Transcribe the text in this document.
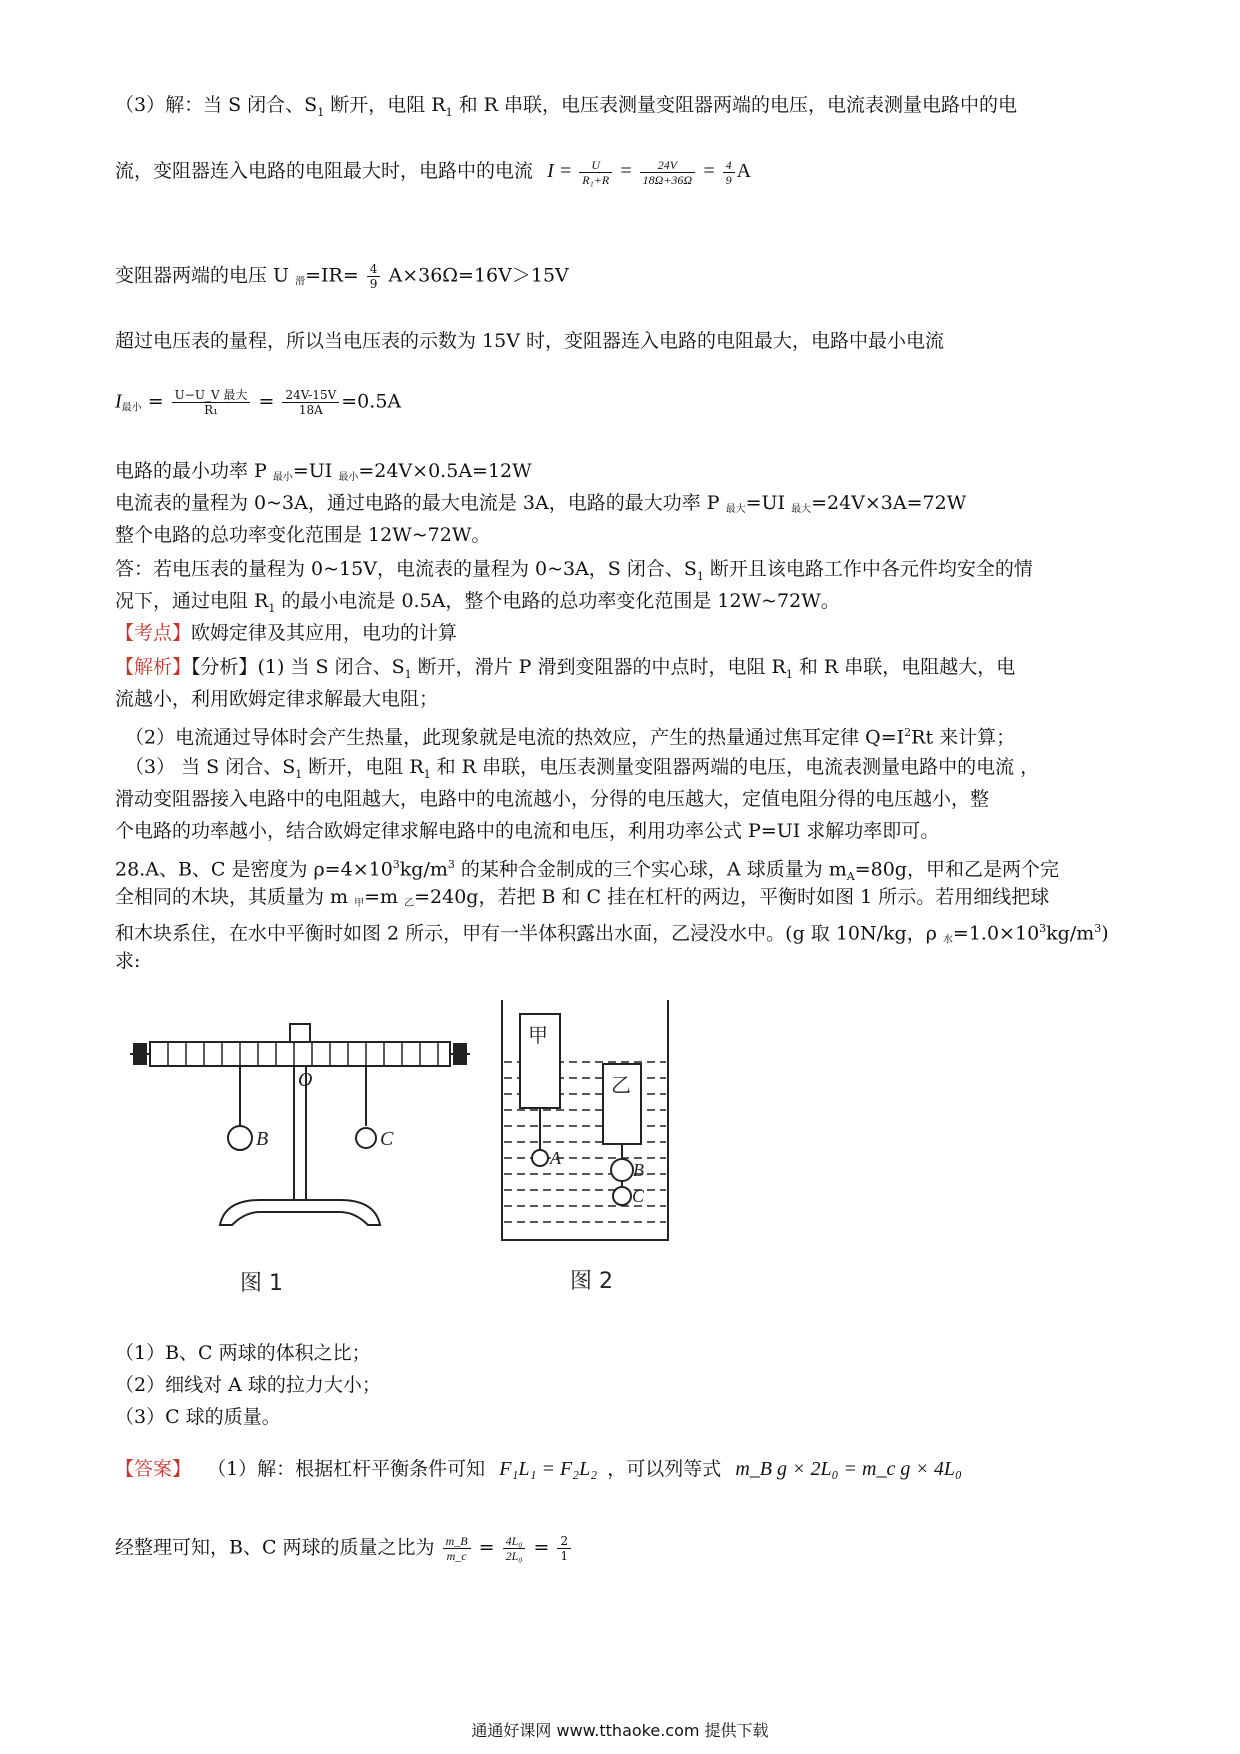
（3）解：当 S 闭合、$S_1$ 断开，电阻 $R_1$ 和 R 串联，电压表测量变阻器两端的电压，电流表测量电路中的电
流，变阻器连入电路的电阻最大时，电路中的电流 $I = \frac{U}{\text{R₁+R}} = \frac{24V}{18\Omega+36\Omega} = \frac{4}{9}$ A
变阻器两端的电压 U 滑$=IR= \frac{4}{9} A\times 36\Omega=16V>15V$
超过电压表的量程，所以当电压表的示数为 15V 时，变阻器连入电路的电阻最大，电路中最小电流
I最小 = $\frac{\text{U−U\_V 最大}}{\text{R₁}} = \frac{24V-15V}{18A} =0.5A$
电路的最小功率 P 最小=UI 最小=24V×0.5A=12W
电流表的量程为 0~3A，通过电路的最大电流是 3A，电路的最大功率 P 最大=UI 最大=24V×3A=72W
整个电路的总功率变化范围是 12W~72W。
答：若电压表的量程为 0~15V，电流表的量程为 0~3A，S 闭合、$S_1$ 断开且该电路工作中各元件均安全的情
况下，通过电阻 $R_1$ 的最小电流是 0.5A，整个电路的总功率变化范围是 12W~72W。
【考点】欧姆定律及其应用，电功的计算
【解析】【分析】(1) 当 S 闭合、$S_1$ 断开，滑片 P 滑到变阻器的中点时，电阻 $R_1$ 和 R 串联，电阻越大，电
流越小，利用欧姆定律求解最大电阻；
（2）电流通过导体时会产生热量，此现象就是电流的热效应，产生的热量通过焦耳定律 $Q=I^2Rt$ 来计算；
（3） 当 S 闭合、$S_1$ 断开，电阻 $R_1$ 和 R 串联，电压表测量变阻器两端的电压，电流表测量电路中的电流 ，
滑动变阻器接入电路中的电阻越大，电路中的电流越小，分得的电压越大，定值电阻分得的电压越小，整
个电路的功率越小，结合欧姆定律求解电路中的电流和电压，利用功率公式 P=UI 求解功率即可。
28.A、B、C 是密度为 $\rho=4\times 10^3kg/m^3$ 的某种合金制成的三个实心球，A 球质量为 $m_A=80g$，甲和乙是两个完
全相同的木块，其质量为 m 甲=m 乙=240g，若把 B 和 C 挂在杠杆的两边，平衡时如图 1 所示。若用细线把球
和木块系住，在水中平衡时如图 2 所示，甲有一半体积露出水面，乙浸没水中。(g 取 10N/kg，ρ 水$=1.0\times 10^3kg/m^3$)
求:
O
B	C
图 1
甲
乙
A
B
C
图 2
（1）B、C 两球的体积之比；
（2）细线对 A 球的拉力大小；
（3）C 球的质量。
【答案】 （1）解：根据杠杆平衡条件可知 F₁L₁ = F₂L₂ ，可以列等式 m_B g × 2L₀ = m_c g × 4L₀
经整理可知，B、C 两球的质量之比为 $\frac{m\_B}{m\_c} = \frac{\text{4L₀}}{\text{2L₀}} = \frac{2}{1}$
通通好课网 www.tthaoke.com 提供下载
